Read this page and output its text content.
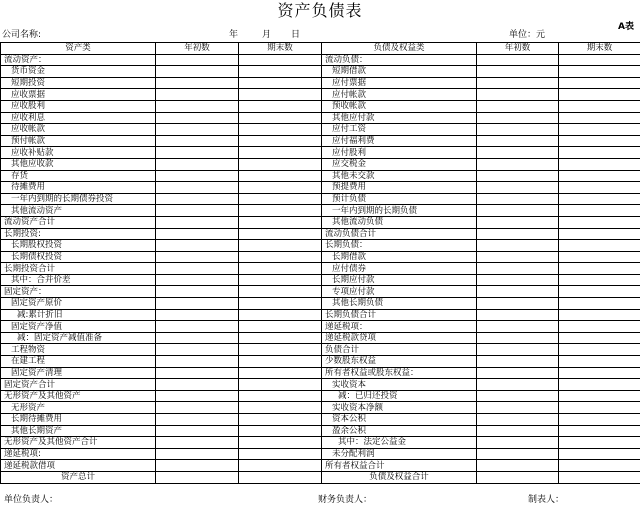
资产负债表
A表
公司名称:	年	月 日	单位：元
资产类	年初数	期末数	负债及权益类	年初数	期末数
流动资产：			流动负债：		
货币资金			短期借款		
短期投资			应付票据		
应收票据			应付帐款		
应收股利			预收帐款		
应收利息			其他应付款		
应收帐款			应付工资		
预付帐款			应付福利费		
应收补贴款			应付股利		
其他应收款			应交税金		
存货			其他未交款		
待摊费用			预提费用		
一年内到期的长期债券投资			预计负债		
其他流动资产			一年内到期的长期负债		
流动资产合计			其他流动负债		
长期投资:			流动负债合计		
长期股权投资			长期负债：		
长期债权投资			长期借款		
长期投资合计			应付债券		
其中：合并价差			长期应付款		
固定资产：			专项应付款		
固定资产原价			其他长期负债		
减:累计折旧			长期负债合计		
固定资产净值			递延税项：		
减：固定资产减值准备			递延税款贷项		
工程物资			负债合计		
在建工程			少数股东权益		
固定资产清理			所有者权益或股东权益：		
固定资产合计			实收资本		
无形资产及其他资产			减：已归还投资		
无形资产			实收资本净额		
长期待摊费用			资本公积		
其他长期资产			盈余公积		
无形资产及其他资产合计			其中：法定公益金		
递延税项:			未分配利润		
递延税款借项			所有者权益合计		
资产总计			负债及权益合计		
单位负责人：	财务负责人：	制表人：
